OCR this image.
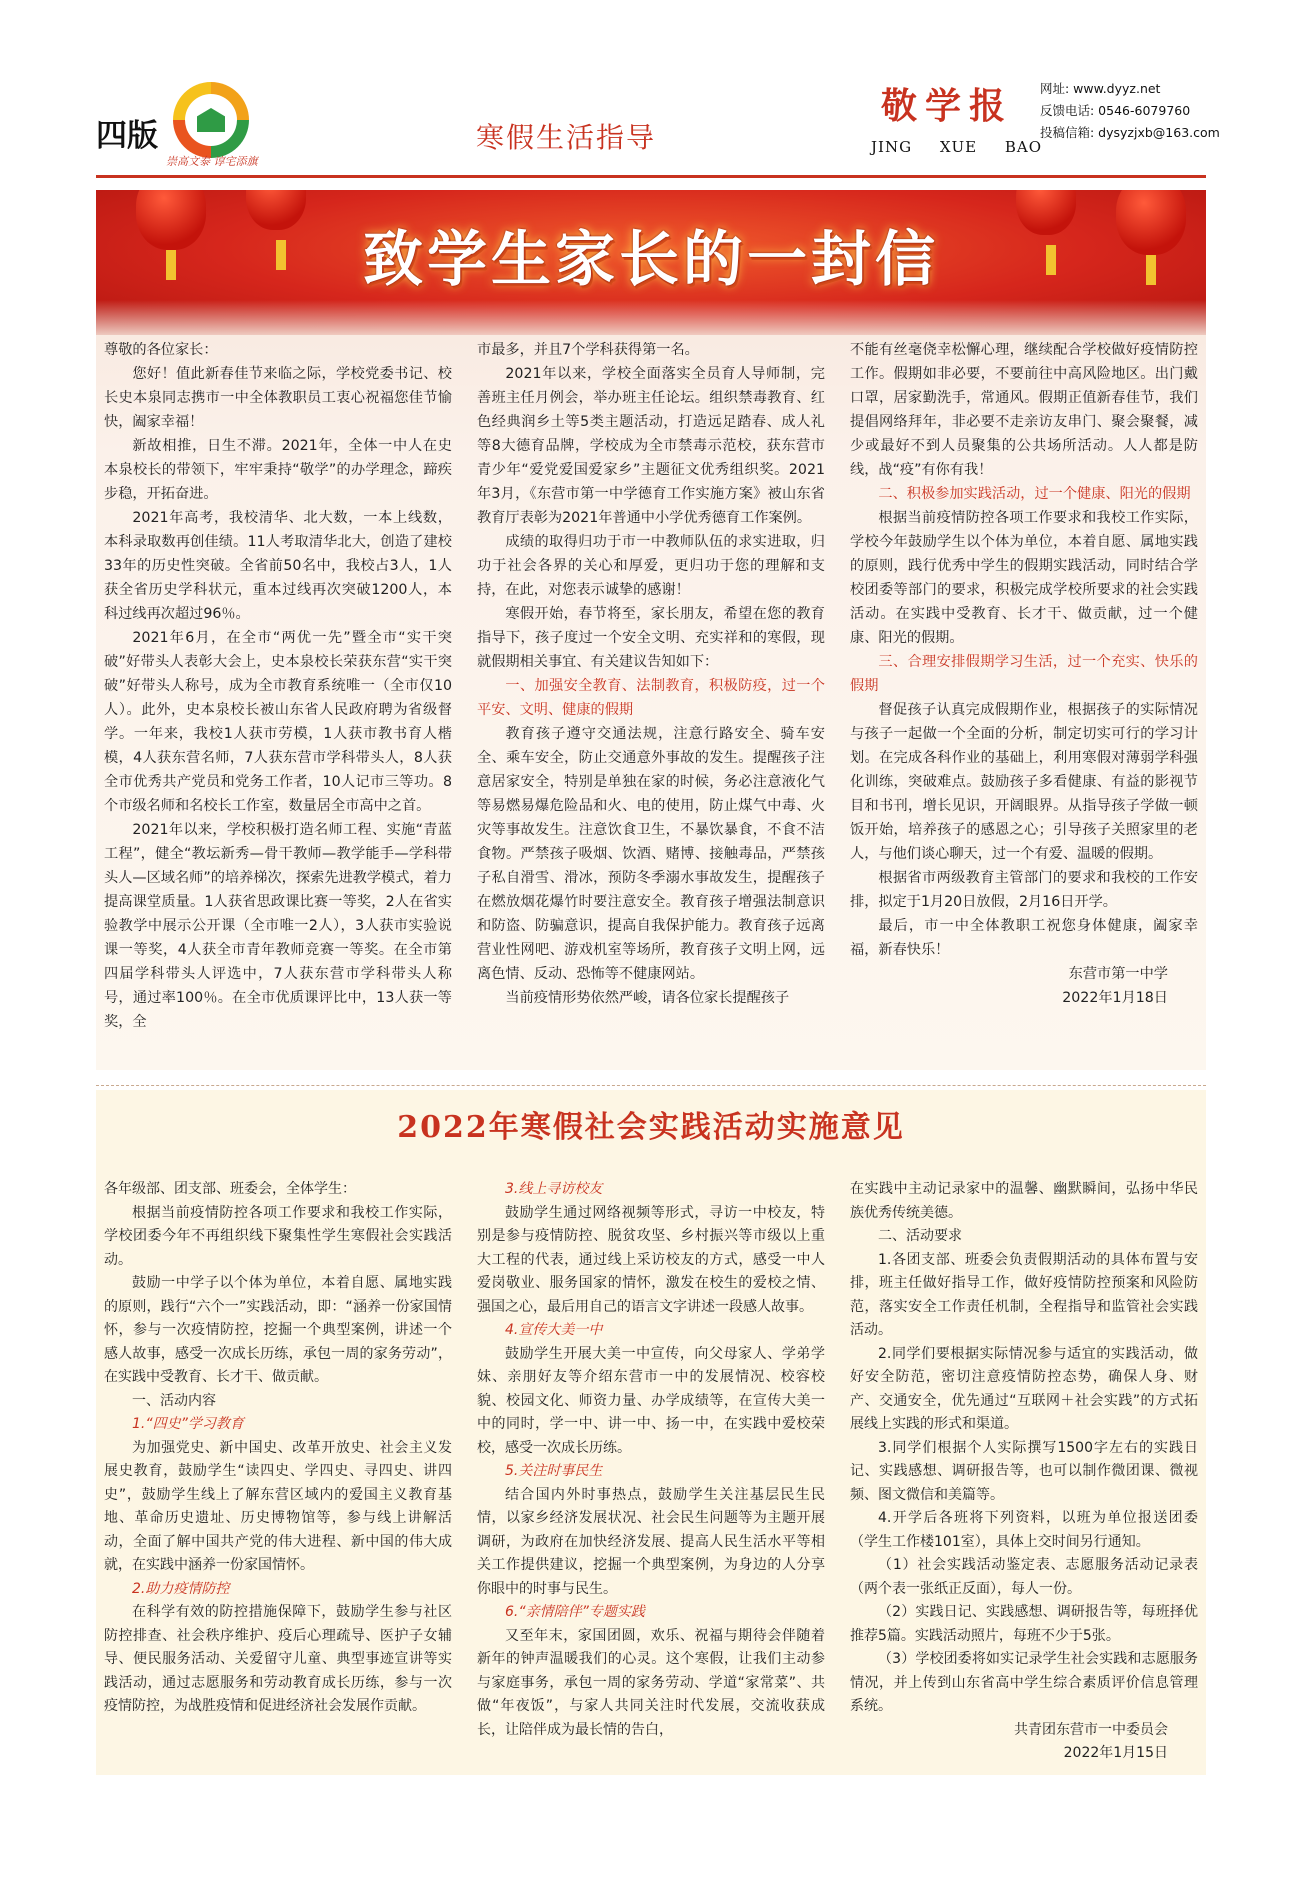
四版
崇高文泰 谆宅添旗
寒假生活指导
敬学报
JING XUE BAO
网址: www.dyyz.net
反馈电话: 0546-6079760
投稿信箱: dysyzjxb@163.com
致学生家长的一封信

尊敬的各位家长：

您好！值此新春佳节来临之际，学校党委书记、校长史本泉同志携市一中全体教职员工衷心祝福您佳节愉快，阖家幸福！

新故相推，日生不滞。2021年，全体一中人在史本泉校长的带领下，牢牢秉持“敬学”的办学理念，蹄疾步稳，开拓奋进。

2021年高考，我校清华、北大数，一本上线数，本科录取数再创佳绩。11人考取清华北大，创造了建校33年的历史性突破。全省前50名中，我校占3人，1人获全省历史学科状元，重本过线再次突破1200人，本科过线再次超过96％。

2021年6月，在全市“两优一先”暨全市“实干突破”好带头人表彰大会上，史本泉校长荣获东营“实干突破”好带头人称号，成为全市教育系统唯一（全市仅10人）。此外，史本泉校长被山东省人民政府聘为省级督学。一年来，我校1人获市劳模，1人获市教书育人楷模，4人获东营名师，7人获东营市学科带头人，8人获全市优秀共产党员和党务工作者，10人记市三等功。8个市级名师和名校长工作室，数量居全市高中之首。

2021年以来，学校积极打造名师工程、实施“青蓝工程”，健全“教坛新秀—骨干教师—教学能手—学科带头人—区域名师”的培养梯次，探索先进教学模式，着力提高课堂质量。1人获省思政课比赛一等奖，2人在省实验教学中展示公开课（全市唯一2人），3人获市实验说课一等奖，4人获全市青年教师竞赛一等奖。在全市第四届学科带头人评选中，7人获东营市学科带头人称号，通过率100％。在全市优质课评比中，13人获一等奖，全

市最多，并且7个学科获得第一名。

2021年以来，学校全面落实全员育人导师制，完善班主任月例会，举办班主任论坛。组织禁毒教育、红色经典润乡土等5类主题活动，打造远足踏春、成人礼等8大德育品牌，学校成为全市禁毒示范校，获东营市青少年“爱党爱国爱家乡”主题征文优秀组织奖。2021年3月，《东营市第一中学德育工作实施方案》被山东省教育厅表彰为2021年普通中小学优秀德育工作案例。

成绩的取得归功于市一中教师队伍的求实进取，归功于社会各界的关心和厚爱，更归功于您的理解和支持，在此，对您表示诚挚的感谢！

寒假开始，春节将至，家长朋友，希望在您的教育指导下，孩子度过一个安全文明、充实祥和的寒假，现就假期相关事宜、有关建议告知如下：

一、加强安全教育、法制教育，积极防疫，过一个平安、文明、健康的假期

教育孩子遵守交通法规，注意行路安全、骑车安全、乘车安全，防止交通意外事故的发生。提醒孩子注意居家安全，特别是单独在家的时候，务必注意液化气等易燃易爆危险品和火、电的使用，防止煤气中毒、火灾等事故发生。注意饮食卫生，不暴饮暴食，不食不洁食物。严禁孩子吸烟、饮酒、赌博、接触毒品，严禁孩子私自滑雪、滑冰，预防冬季溺水事故发生，提醒孩子在燃放烟花爆竹时要注意安全。教育孩子增强法制意识和防盗、防骗意识，提高自我保护能力。教育孩子远离营业性网吧、游戏机室等场所，教育孩子文明上网，远离色情、反动、恐怖等不健康网站。

当前疫情形势依然严峻，请各位家长提醒孩子

不能有丝毫侥幸松懈心理，继续配合学校做好疫情防控工作。假期如非必要，不要前往中高风险地区。出门戴口罩，居家勤洗手，常通风。假期正值新春佳节，我们提倡网络拜年，非必要不走亲访友串门、聚会聚餐，减少或最好不到人员聚集的公共场所活动。人人都是防线，战“疫”有你有我！

二、积极参加实践活动，过一个健康、阳光的假期

根据当前疫情防控各项工作要求和我校工作实际，学校今年鼓励学生以个体为单位，本着自愿、属地实践的原则，践行优秀中学生的假期实践活动，同时结合学校团委等部门的要求，积极完成学校所要求的社会实践活动。在实践中受教育、长才干、做贡献，过一个健康、阳光的假期。

三、合理安排假期学习生活，过一个充实、快乐的假期

督促孩子认真完成假期作业，根据孩子的实际情况与孩子一起做一个全面的分析，制定切实可行的学习计划。在完成各科作业的基础上，利用寒假对薄弱学科强化训练，突破难点。鼓励孩子多看健康、有益的影视节目和书刊，增长见识，开阔眼界。从指导孩子学做一顿饭开始，培养孩子的感恩之心；引导孩子关照家里的老人，与他们谈心聊天，过一个有爱、温暖的假期。

根据省市两级教育主管部门的要求和我校的工作安排，拟定于1月20日放假，2月16日开学。

最后，市一中全体教职工祝您身体健康，阖家幸福，新春快乐！

东营市第一中学

2022年1月18日

2022年寒假社会实践活动实施意见

各年级部、团支部、班委会，全体学生：

根据当前疫情防控各项工作要求和我校工作实际，学校团委今年不再组织线下聚集性学生寒假社会实践活动。

鼓励一中学子以个体为单位，本着自愿、属地实践的原则，践行“六个一”实践活动，即：“涵养一份家国情怀，参与一次疫情防控，挖掘一个典型案例，讲述一个感人故事，感受一次成长历练，承包一周的家务劳动”，在实践中受教育、长才干、做贡献。

一、活动内容

1.“四史”学习教育

为加强党史、新中国史、改革开放史、社会主义发展史教育，鼓励学生“读四史、学四史、寻四史、讲四史”，鼓励学生线上了解东营区域内的爱国主义教育基地、革命历史遗址、历史博物馆等，参与线上讲解活动，全面了解中国共产党的伟大进程、新中国的伟大成就，在实践中涵养一份家国情怀。

2.助力疫情防控

在科学有效的防控措施保障下，鼓励学生参与社区防控排查、社会秩序维护、疫后心理疏导、医护子女辅导、便民服务活动、关爱留守儿童、典型事迹宣讲等实践活动，通过志愿服务和劳动教育成长历练，参与一次疫情防控，为战胜疫情和促进经济社会发展作贡献。

3.线上寻访校友

鼓励学生通过网络视频等形式，寻访一中校友，特别是参与疫情防控、脱贫攻坚、乡村振兴等市级以上重大工程的代表，通过线上采访校友的方式，感受一中人爱岗敬业、服务国家的情怀，激发在校生的爱校之情、强国之心，最后用自己的语言文字讲述一段感人故事。

4.宣传大美一中

鼓励学生开展大美一中宣传，向父母家人、学弟学妹、亲朋好友等介绍东营市一中的发展情况、校容校貌、校园文化、师资力量、办学成绩等，在宣传大美一中的同时，学一中、讲一中、扬一中，在实践中爱校荣校，感受一次成长历练。

5.关注时事民生

结合国内外时事热点，鼓励学生关注基层民生民情，以家乡经济发展状况、社会民生问题等为主题开展调研，为政府在加快经济发展、提高人民生活水平等相关工作提供建议，挖掘一个典型案例，为身边的人分享你眼中的时事与民生。

6.“亲情陪伴”专题实践

又至年末，家国团圆，欢乐、祝福与期待会伴随着新年的钟声温暖我们的心灵。这个寒假，让我们主动参与家庭事务，承包一周的家务劳动、学道“家常菜”、共做“年夜饭”，与家人共同关注时代发展，交流收获成长，让陪伴成为最长情的告白，

在实践中主动记录家中的温馨、幽默瞬间，弘扬中华民族优秀传统美德。

二、活动要求

1.各团支部、班委会负责假期活动的具体布置与安排，班主任做好指导工作，做好疫情防控预案和风险防范，落实安全工作责任机制，全程指导和监管社会实践活动。

2.同学们要根据实际情况参与适宜的实践活动，做好安全防范，密切注意疫情防控态势，确保人身、财产、交通安全，优先通过“互联网＋社会实践”的方式拓展线上实践的形式和渠道。

3.同学们根据个人实际撰写1500字左右的实践日记、实践感想、调研报告等，也可以制作微团课、微视频、图文微信和美篇等。

4.开学后各班将下列资料，以班为单位报送团委（学生工作楼101室），具体上交时间另行通知。

（1）社会实践活动鉴定表、志愿服务活动记录表（两个表一张纸正反面），每人一份。

（2）实践日记、实践感想、调研报告等，每班择优推荐5篇。实践活动照片，每班不少于5张。

（3）学校团委将如实记录学生社会实践和志愿服务情况，并上传到山东省高中学生综合素质评价信息管理系统。

共青团东营市一中委员会

2022年1月15日
